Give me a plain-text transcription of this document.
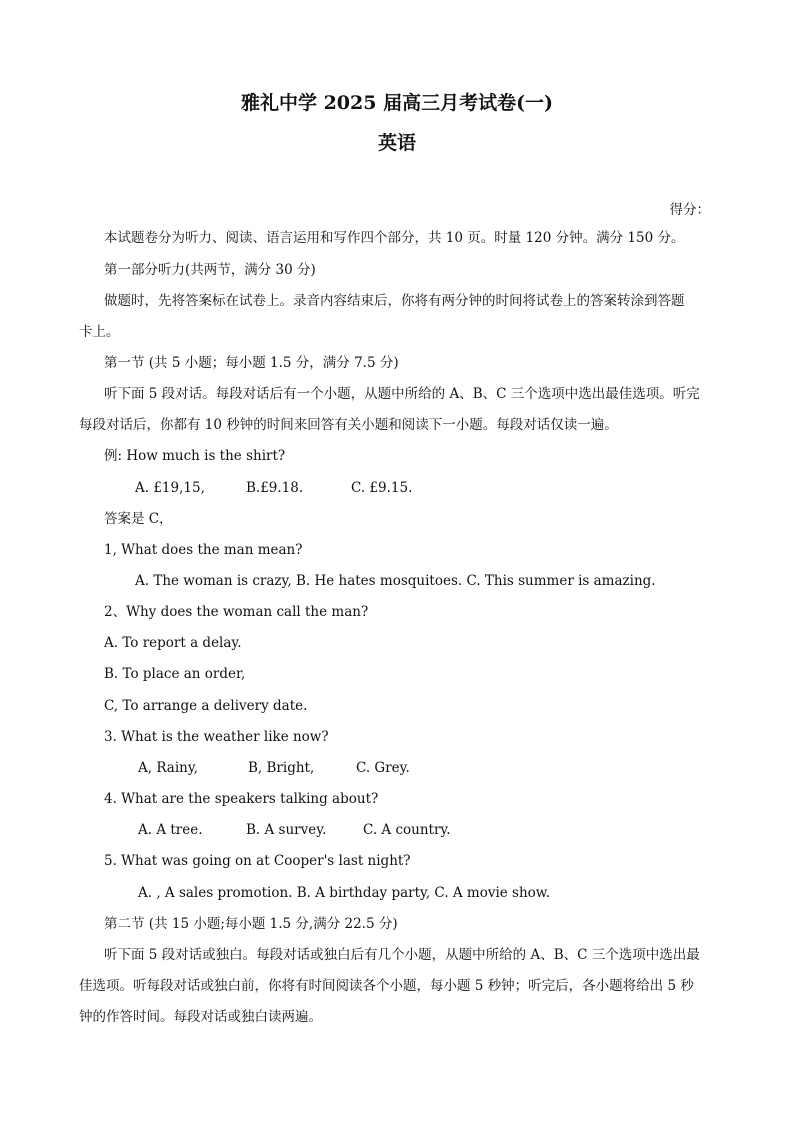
雅礼中学 2025 届高三月考试卷(一)
英语
得分：
本试题卷分为听力、阅读、语言运用和写作四个部分，共 10 页。时量 120 分钟。满分 150 分。
第一部分听力(共两节，满分 30 分)
做题时，先将答案标在试卷上。录音内容结束后，你将有两分钟的时间将试卷上的答案转涂到答题
卡上。
第一节 (共 5 小题；每小题 1.5 分，满分 7.5 分)
听下面 5 段对话。每段对话后有一个小题，从题中所给的 A、B、C 三个选项中选出最佳选项。听完
每段对话后，你都有 10 秒钟的时间来回答有关小题和阅读下一小题。每段对话仅读一遍。
例: How much is the shirt?
A. £19,15,	B.£9.18.	C. £9.15.
答案是 C，
1, What does the man mean?
A. The woman is crazy, B. He hates mosquitoes. C. This summer is amazing.
2、Why does the woman call the man?
A. To report a delay.
B. To place an order,
C, To arrange a delivery date.
3. What is the weather like now?
A, Rainy,	B, Bright,	C. Grey.
4. What are the speakers talking about?
A. A tree.	B. A survey.	C. A country.
5. What was going on at Cooper's last night?
A. , A sales promotion. B. A birthday party, C. A movie show.
第二节 (共 15 小题;每小题 1.5 分,满分 22.5 分)
听下面 5 段对话或独白。每段对话或独白后有几个小题，从题中所给的 A、B、C 三个选项中选出最
佳选项。听每段对话或独白前，你将有时间阅读各个小题，每小题 5 秒钟；听完后，各小题将给出 5 秒
钟的作答时间。每段对话或独白读两遍。
